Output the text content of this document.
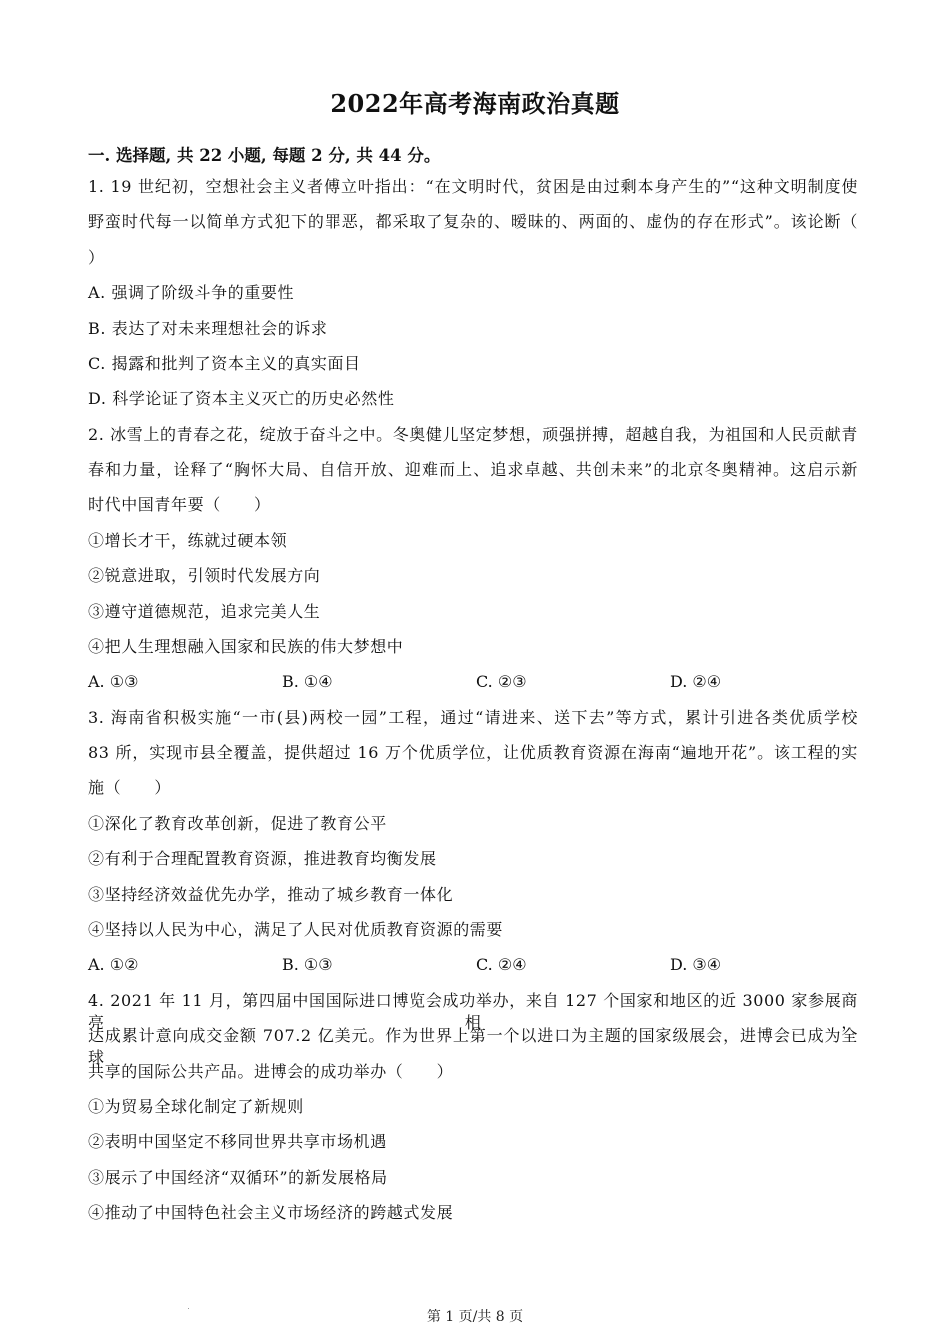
2022年高考海南政治真题
一. 选择题, 共 22 小题, 每题 2 分, 共 44 分。
1. 19 世纪初，空想社会主义者傅立叶指出：“在文明时代，贫困是由过剩本身产生的”“这种文明制度使
野蛮时代每一以简单方式犯下的罪恶，都采取了复杂的、暧昧的、两面的、虚伪的存在形式”。该论断（
）
A. 强调了阶级斗争的重要性
B. 表达了对未来理想社会的诉求
C. 揭露和批判了资本主义的真实面目
D. 科学论证了资本主义灭亡的历史必然性
2. 冰雪上的青春之花，绽放于奋斗之中。冬奥健儿坚定梦想，顽强拼搏，超越自我，为祖国和人民贡献青
春和力量，诠释了“胸怀大局、自信开放、迎难而上、追求卓越、共创未来”的北京冬奥精神。这启示新
时代中国青年要（　　）
①增长才干，练就过硬本领
②锐意进取，引领时代发展方向
③遵守道德规范，追求完美人生
④把人生理想融入国家和民族的伟大梦想中
A. ①③	B. ①④	C. ②③	D. ②④
3. 海南省积极实施“一市(县)两校一园”工程，通过“请进来、送下去”等方式，累计引进各类优质学校
83 所，实现市县全覆盖，提供超过 16 万个优质学位，让优质教育资源在海南“遍地开花”。该工程的实
施（　　）
①深化了教育改革创新，促进了教育公平
②有利于合理配置教育资源，推进教育均衡发展
③坚持经济效益优先办学，推动了城乡教育一体化
④坚持以人民为中心，满足了人民对优质教育资源的需要
A. ①②	B. ①③	C. ②④	D. ③④
4. 2021 年 11 月，第四届中国国际进口博览会成功举办，来自 127 个国家和地区的近 3000 家参展商亮相，
达成累计意向成交金额 707.2 亿美元。作为世界上第一个以进口为主题的国家级展会，进博会已成为全球
共享的国际公共产品。进博会的成功举办（　　）
①为贸易全球化制定了新规则
②表明中国坚定不移同世界共享市场机遇
③展示了中国经济“双循环”的新发展格局
④推动了中国特色社会主义市场经济的跨越式发展
第 1 页/共 8 页
